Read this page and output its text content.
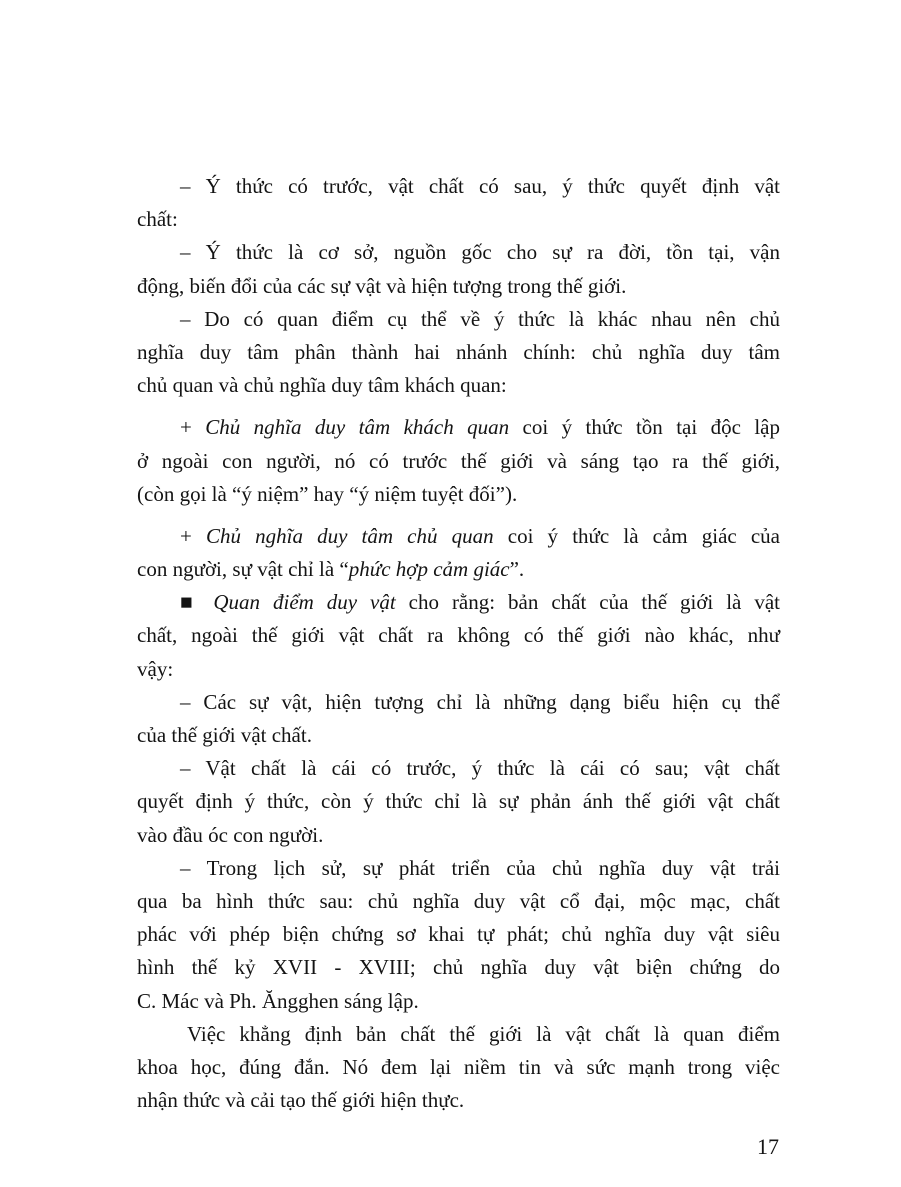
– Ý thức có trước, vật chất có sau, ý thức quyết định vật
chất:
– Ý thức là cơ sở, nguồn gốc cho sự ra đời, tồn tại, vận
động, biến đổi của các sự vật và hiện tượng trong thế giới.
– Do có quan điểm cụ thể về ý thức là khác nhau nên chủ
nghĩa duy tâm phân thành hai nhánh chính: chủ nghĩa duy tâm
chủ quan và chủ nghĩa duy tâm khách quan:
+ Chủ nghĩa duy tâm khách quan coi ý thức tồn tại độc lập
ở ngoài con người, nó có trước thế giới và sáng tạo ra thế giới,
(còn gọi là “ý niệm” hay “ý niệm tuyệt đối”).
+ Chủ nghĩa duy tâm chủ quan coi ý thức là cảm giác của
con người, sự vật chỉ là “phức hợp cảm giác”.
■ Quan điểm duy vật cho rằng: bản chất của thế giới là vật
chất, ngoài thế giới vật chất ra không có thế giới nào khác, như
vậy:
– Các sự vật, hiện tượng chỉ là những dạng biểu hiện cụ thể
của thế giới vật chất.
– Vật chất là cái có trước, ý thức là cái có sau; vật chất
quyết định ý thức, còn ý thức chỉ là sự phản ánh thế giới vật chất
vào đầu óc con người.
– Trong lịch sử, sự phát triển của chủ nghĩa duy vật trải
qua ba hình thức sau: chủ nghĩa duy vật cổ đại, mộc mạc, chất
phác với phép biện chứng sơ khai tự phát; chủ nghĩa duy vật siêu
hình thế kỷ XVII - XVIII; chủ nghĩa duy vật biện chứng do
C. Mác và Ph. Ăngghen sáng lập.
Việc khẳng định bản chất thế giới là vật chất là quan điểm
khoa học, đúng đắn. Nó đem lại niềm tin và sức mạnh trong việc
nhận thức và cải tạo thế giới hiện thực.
17
